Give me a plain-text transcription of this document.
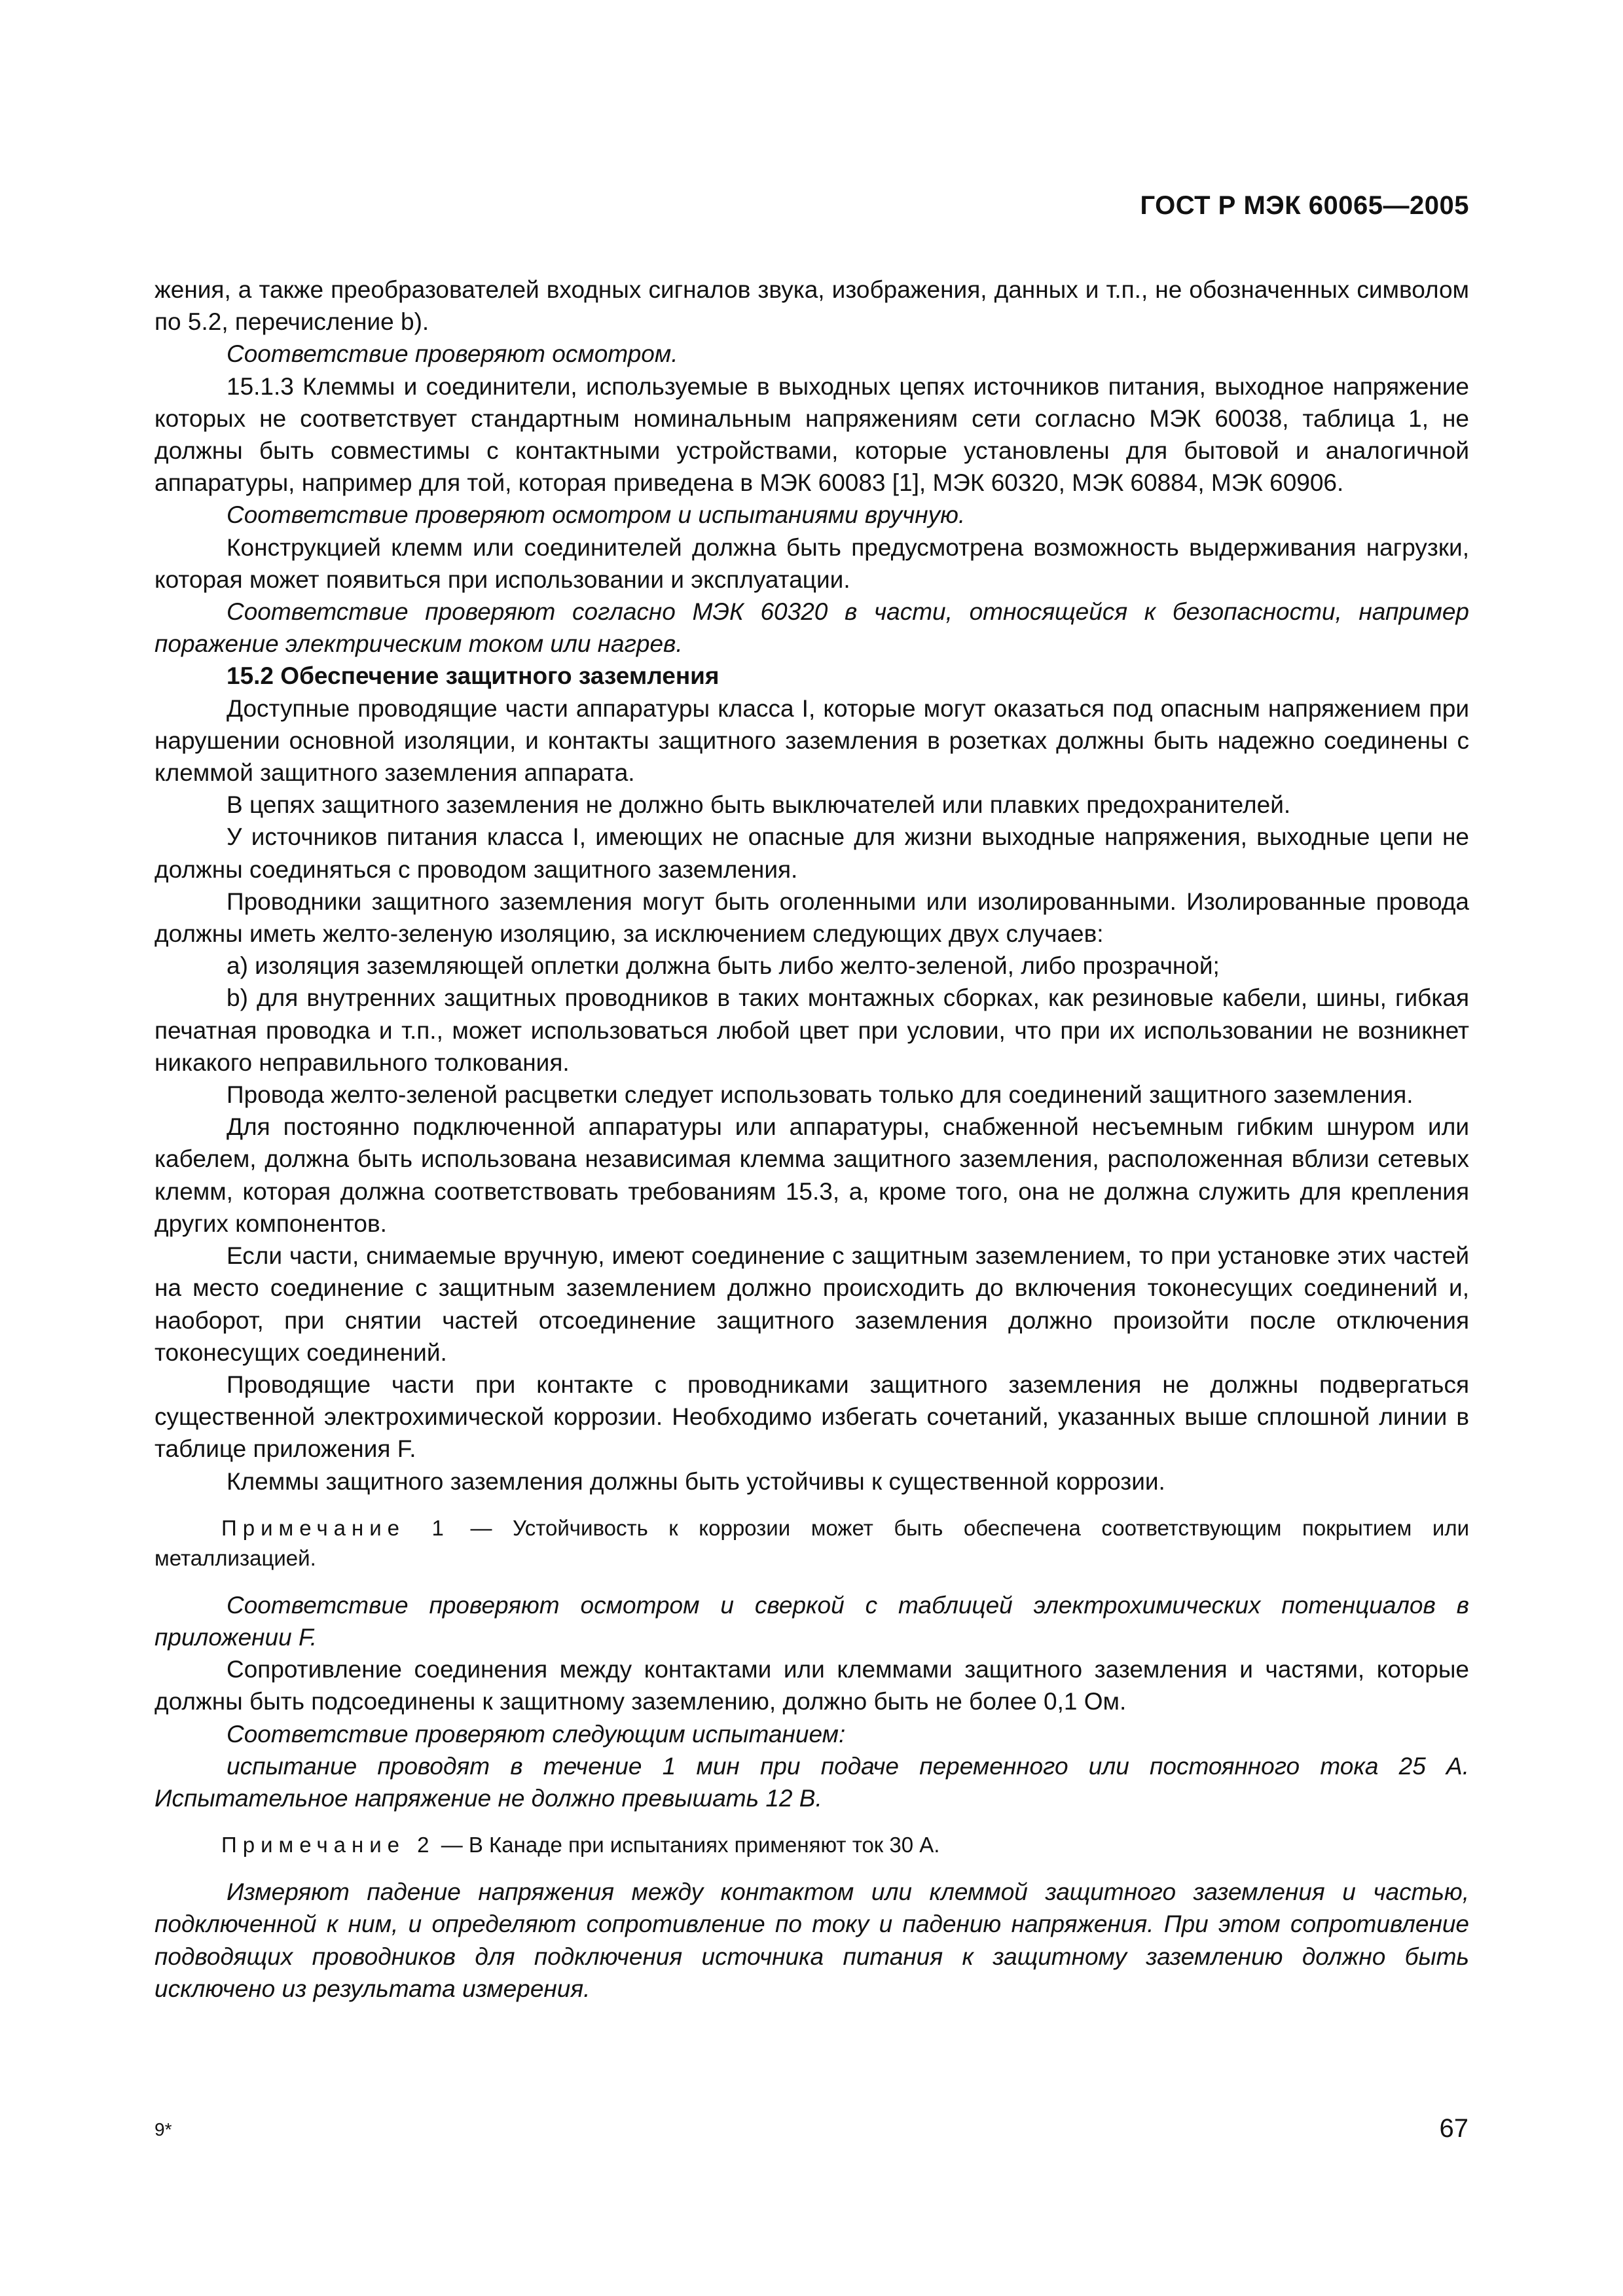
ГОСТ Р МЭК 60065—2005

жения, а также преобразователей входных сигналов звука, изображения, данных и т.п., не обозначенных символом по 5.2, перечисление b).

Соответствие проверяют осмотром.

15.1.3 Клеммы и соединители, используемые в выходных цепях источников питания, выходное напряжение которых не соответствует стандартным номинальным напряжениям сети согласно МЭК 60038, таблица 1, не должны быть совместимы с контактными устройствами, которые установлены для бытовой и аналогичной аппаратуры, например для той, которая приведена в МЭК 60083 [1], МЭК 60320, МЭК 60884, МЭК 60906.

Соответствие проверяют осмотром и испытаниями вручную.

Конструкцией клемм или соединителей должна быть предусмотрена возможность выдерживания нагрузки, которая может появиться при использовании и эксплуатации.

Соответствие проверяют согласно МЭК 60320 в части, относящейся к безопасности, например поражение электрическим током или нагрев.

15.2 Обеспечение защитного заземления

Доступные проводящие части аппаратуры класса I, которые могут оказаться под опасным напряжением при нарушении основной изоляции, и контакты защитного заземления в розетках должны быть надежно соединены с клеммой защитного заземления аппарата.

В цепях защитного заземления не должно быть выключателей или плавких предохранителей.

У источников питания класса I, имеющих не опасные для жизни выходные напряжения, выходные цепи не должны соединяться с проводом защитного заземления.

Проводники защитного заземления могут быть оголенными или изолированными. Изолированные провода должны иметь желто-зеленую изоляцию, за исключением следующих двух случаев:

a) изоляция заземляющей оплетки должна быть либо желто-зеленой, либо прозрачной;

b) для внутренних защитных проводников в таких монтажных сборках, как резиновые кабели, шины, гибкая печатная проводка и т.п., может использоваться любой цвет при условии, что при их использовании не возникнет никакого неправильного толкования.

Провода желто-зеленой расцветки следует использовать только для соединений защитного заземления.

Для постоянно подключенной аппаратуры или аппаратуры, снабженной несъемным гибким шнуром или кабелем, должна быть использована независимая клемма защитного заземления, расположенная вблизи сетевых клемм, которая должна соответствовать требованиям 15.3, а, кроме того, она не должна служить для крепления других компонентов.

Если части, снимаемые вручную, имеют соединение с защитным заземлением, то при установке этих частей на место соединение с защитным заземлением должно происходить до включения токонесущих соединений и, наоборот, при снятии частей отсоединение защитного заземления должно произойти после отключения токонесущих соединений.

Проводящие части при контакте с проводниками защитного заземления не должны подвергаться существенной электрохимической коррозии. Необходимо избегать сочетаний, указанных выше сплошной линии в таблице приложения F.

Клеммы защитного заземления должны быть устойчивы к существенной коррозии.

Примечание 1 — Устойчивость к коррозии может быть обеспечена соответствующим покрытием или металлизацией.

Соответствие проверяют осмотром и сверкой с таблицей электрохимических потенциалов в приложении F.

Сопротивление соединения между контактами или клеммами защитного заземления и частями, которые должны быть подсоединены к защитному заземлению, должно быть не более 0,1 Ом.

Соответствие проверяют следующим испытанием:

испытание проводят в течение 1 мин при подаче переменного или постоянного тока 25 А. Испытательное напряжение не должно превышать 12 В.

Примечание 2 — В Канаде при испытаниях применяют ток 30 А.

Измеряют падение напряжения между контактом или клеммой защитного заземления и частью, подключенной к ним, и определяют сопротивление по току и падению напряжения. При этом сопротивление подводящих проводников для подключения источника питания к защитному заземлению должно быть исключено из результата измерения.

9*	67
